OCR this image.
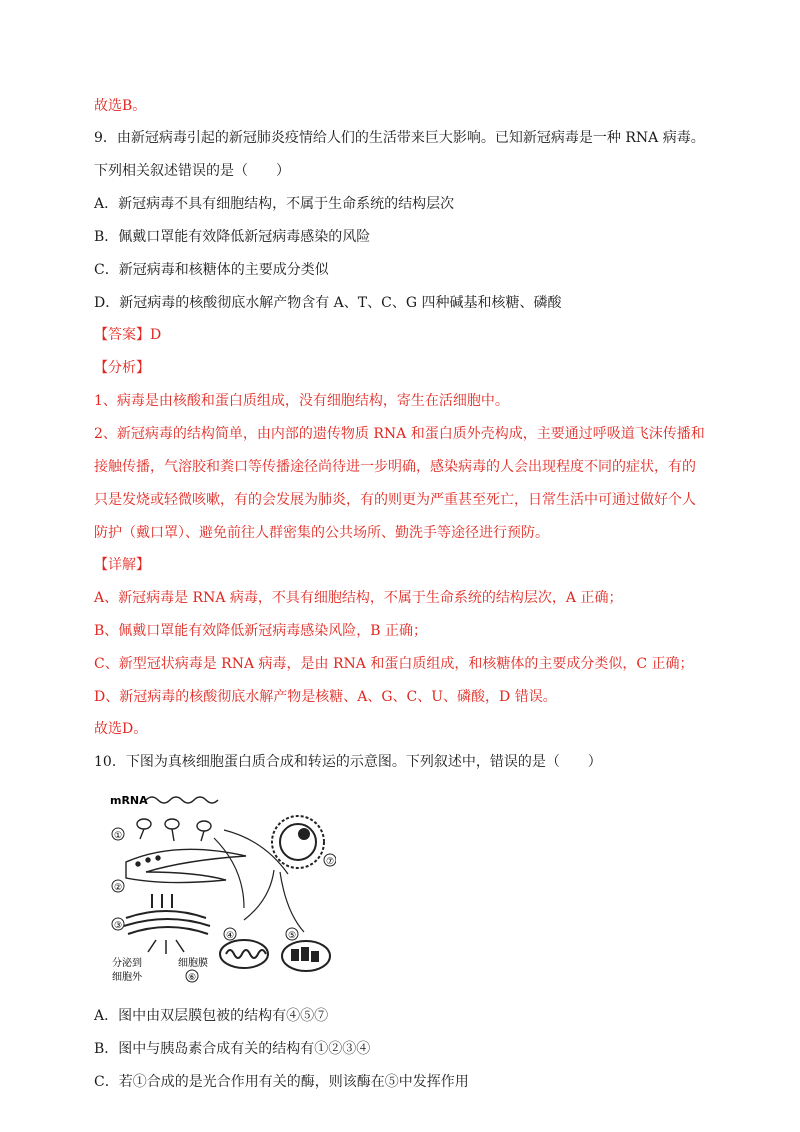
故选B。
9．由新冠病毒引起的新冠肺炎疫情给人们的生活带来巨大影响。已知新冠病毒是一种 RNA 病毒。
下列相关叙述错误的是（　　）
A．新冠病毒不具有细胞结构，不属于生命系统的结构层次
B．佩戴口罩能有效降低新冠病毒感染的风险
C．新冠病毒和核糖体的主要成分类似
D．新冠病毒的核酸彻底水解产物含有 A、T、C、G 四种碱基和核糖、磷酸
【答案】D
【分析】
1、病毒是由核酸和蛋白质组成，没有细胞结构，寄生在活细胞中。
2、新冠病毒的结构简单，由内部的遗传物质 RNA 和蛋白质外壳构成，主要通过呼吸道飞沫传播和
接触传播，气溶胶和粪口等传播途径尚待进一步明确，感染病毒的人会出现程度不同的症状，有的
只是发烧或轻微咳嗽，有的会发展为肺炎，有的则更为严重甚至死亡，日常生活中可通过做好个人
防护（戴口罩）、避免前往人群密集的公共场所、勤洗手等途径进行预防。
【详解】
A、新冠病毒是 RNA 病毒，不具有细胞结构，不属于生命系统的结构层次，A 正确；
B、佩戴口罩能有效降低新冠病毒感染风险，B 正确；
C、新型冠状病毒是 RNA 病毒，是由 RNA 和蛋白质组成，和核糖体的主要成分类似，C 正确；
D、新冠病毒的核酸彻底水解产物是核糖、A、G、C、U、磷酸，D 错误。
故选D。
10．下图为真核细胞蛋白质合成和转运的示意图。下列叙述中，错误的是（　　）
mRNA
①
②
③
分泌到
细胞外
细胞膜
⑥
⑦
④	⑤
A．图中由双层膜包被的结构有④⑤⑦
B．图中与胰岛素合成有关的结构有①②③④
C．若①合成的是光合作用有关的酶，则该酶在⑤中发挥作用
